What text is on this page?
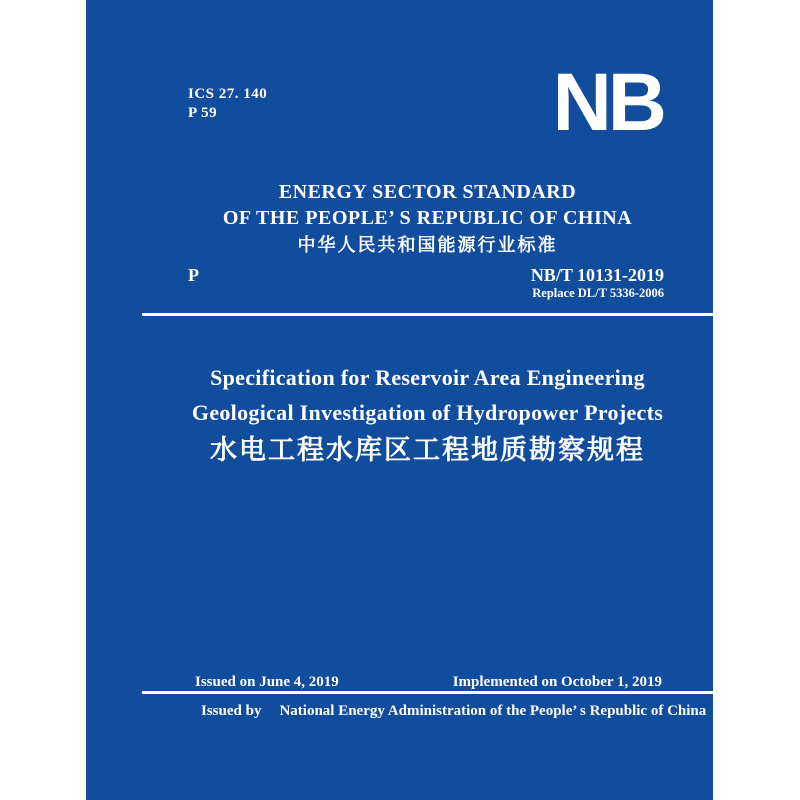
ICS 27. 140
P 59	NB
ENERGY SECTOR STANDARD
OF THE PEOPLE’ S REPUBLIC OF CHINA
中华人民共和国能源行业标准
P	NB/T 10131-2019
Replace DL/T 5336-2006
Specification for Reservoir Area Engineering
Geological Investigation of Hydropower Projects
水电工程水库区工程地质勘察规程
Issued on June 4, 2019	Implemented on October 1, 2019
Issued by National Energy Administration of the People’ s Republic of China
